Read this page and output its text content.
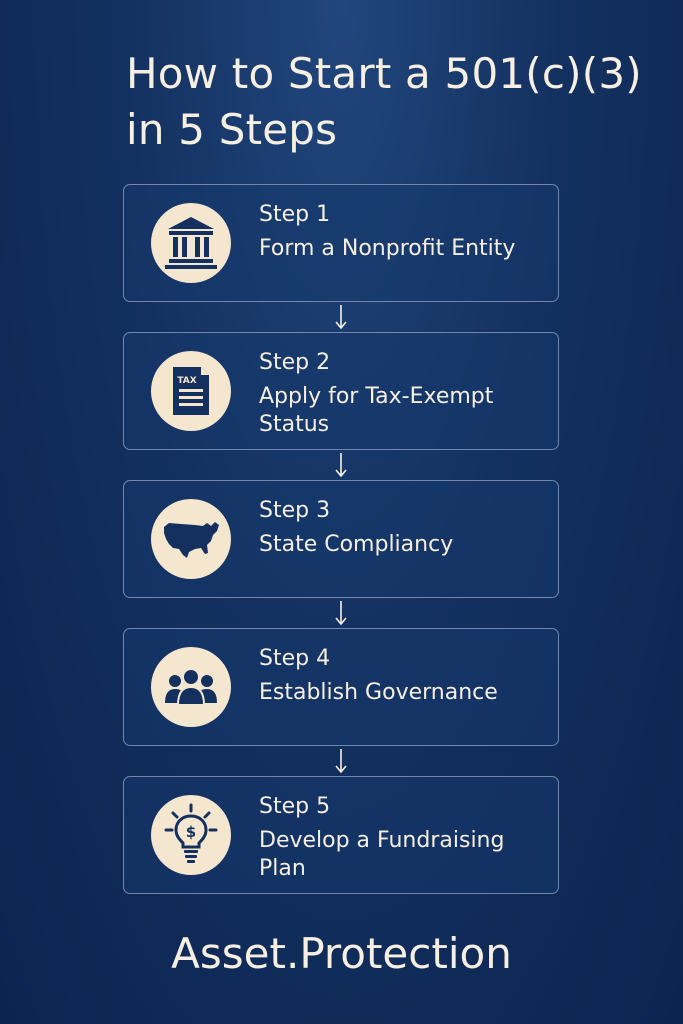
How to Start a 501(c)(3) in 5 Steps
Step 1
Form a Nonprofit Entity
TAX
Step 2
Apply for Tax-Exempt Status
Step 3
State Compliancy
Step 4
Establish Governance
$
Step 5
Develop a Fundraising Plan
Asset.Protection
